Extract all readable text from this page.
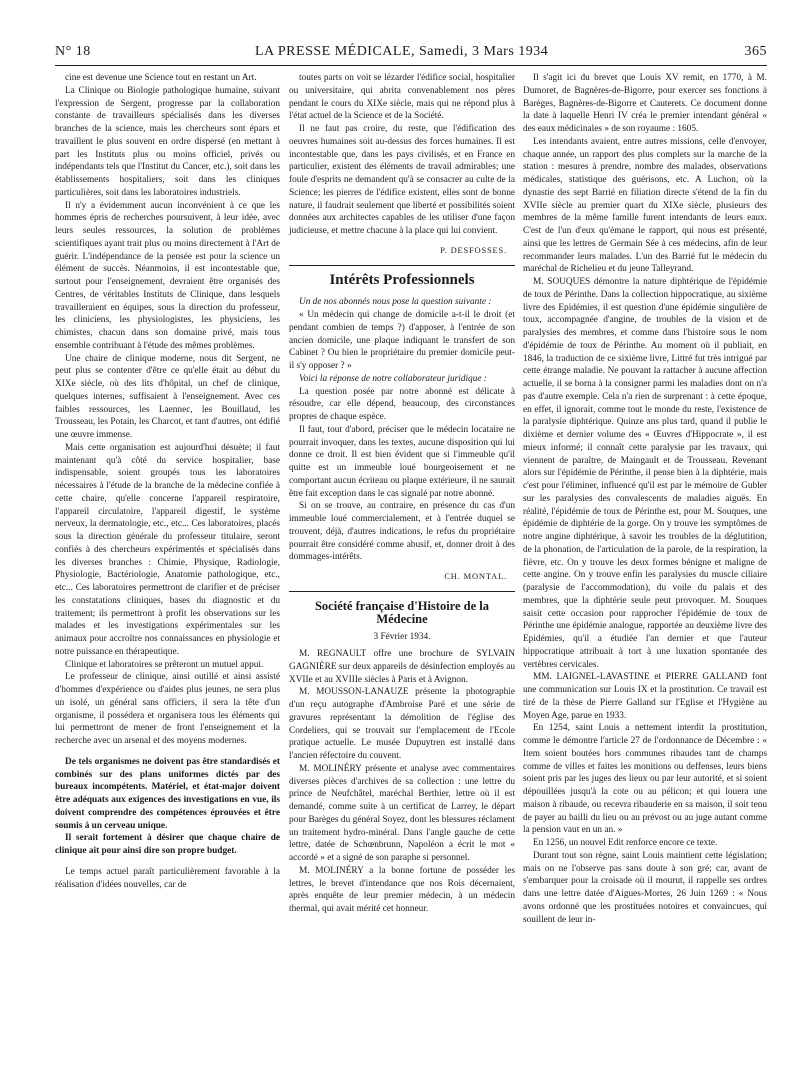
N° 18	LA PRESSE MÉDICALE, Samedi, 3 Mars 1934	365

cine est devenue une Science tout en restant un Art.

La Clinique ou Biologie pathologique humaine, suivant l'expression de Sergent, progresse par la collaboration constante de travailleurs spécialisés dans les diverses branches de la science, mais les chercheurs sont épars et travaillent le plus souvent en ordre dispersé (en mettant à part les Instituts plus ou moins officiel, privés ou indépendants tels que l'Institut du Cancer, etc.), soit dans les établissements hospitaliers, soit dans les cliniques particulières, soit dans les laboratoires industriels.

Il n'y a évidemment aucun inconvénient à ce que les hommes épris de recherches poursuivent, à leur idée, avec leurs seules ressources, la solution de problèmes scientifiques ayant trait plus ou moins directement à l'Art de guérir. L'indépendance de la pensée est pour la science un élément de succès. Néanmoins, il est incontestable que, surtout pour l'enseignement, devraient être organisés des Centres, de véritables Instituts de Clinique, dans lesquels travailleraient en équipes, sous la direction du professeur, les cliniciens, les physiologistes, les physiciens, les chimistes, chacun dans son domaine privé, mais tous ensemble contribuant à l'étude des mêmes problèmes.

Une chaire de clinique moderne, nous dit Sergent, ne peut plus se contenter d'être ce qu'elle était au début du XIXe siècle, où des lits d'hôpital, un chef de clinique, quelques internes, suffisaient à l'enseignement. Avec ces faibles ressources, les Laennec, les Bouillaud, les Trousseau, les Potain, les Charcot, et tant d'autres, ont édifié une œuvre immense.

Mais cette organisation est aujourd'hui désuète; il faut maintenant qu'à côté du service hospitalier, base indispensable, soient groupés tous les laboratoires nécessaires à l'étude de la branche de la médecine confiée à cette chaire, qu'elle concerne l'appareil respiratoire, l'appareil circulatoire, l'appareil digestif, le système nerveux, la dermatologie, etc., etc... Ces laboratoires, placés sous la direction générale du professeur titulaire, seront confiés à des chercheurs expérimentés et spécialisés dans les diverses branches : Chimie, Physique, Radiologie, Physiologie, Bactériologie, Anatomie pathologique, etc., etc... Ces laboratoires permettront de clarifier et de préciser les constatations cliniques, bases du diagnostic et du traitement; ils permettront à profit les observations sur les malades et les investigations expérimentales sur les animaux pour accroître nos connaissances en physiologie et notre puissance en thérapeutique.

Clinique et laboratoires se prêteront un mutuel appui.

Le professeur de clinique, ainsi outillé et ainsi assisté d'hommes d'expérience ou d'aides plus jeunes, ne sera plus un isolé, un général sans officiers, il sera la tête d'un organisme, il possédera et organisera tous les éléments qui lui permettront de mener de front l'enseignement et la recherche avec un arsenal et des moyens modernes.

De tels organismes ne doivent pas être standardisés et combinés sur des plans uniformes dictés par des bureaux incompétents. Matériel, et état-major doivent être adéquats aux exigences des investigations en vue, ils doivent comprendre des compétences éprouvées et être soumis à un cerveau unique.

Il serait fortement à désirer que chaque chaire de clinique ait pour ainsi dire son propre budget.

Le temps actuel paraît particulièrement favorable à la réalisation d'idées nouvelles, car de

toutes parts on voit se lézarder l'édifice social, hospitalier ou universitaire, qui abrita convenablement nos pères pendant le cours du XIXe siècle, mais qui ne répond plus à l'état actuel de la Science et de la Société.

Il ne faut pas croire, du reste, que l'édification des oeuvres humaines soit au-dessus des forces humaines. Il est incontestable que, dans les pays civilisés, et en France en particulier, existent des éléments de travail admirables; une foule d'esprits ne demandent qu'à se consacrer au culte de la Science; les pierres de l'édifice existent, elles sont de bonne nature, il faudrait seulement que liberté et possibilités soient données aux architectes capables de les utiliser d'une façon judicieuse, et mettre chacune à la place qui lui convient.

P. DESFOSSES.
Intérêts Professionnels

Un de nos abonnés nous pose la question suivante :

« Un médecin qui change de domicile a-t-il le droit (et pendant combien de temps ?) d'apposer, à l'entrée de son ancien domicile, une plaque indiquant le transfert de son Cabinet ? Ou bien le propriétaire du premier domicile peut-il s'y opposer ? »

Voici la réponse de notre collaborateur juridique :

La question posée par notre abonné est délicate à résoudre, car elle dépend, beaucoup, des circonstances propres de chaque espèce.

Il faut, tout d'abord, préciser que le médecin locataire ne pourrait invoquer, dans les textes, aucune disposition qui lui donne ce droit. Il est bien évident que si l'immeuble qu'il quitte est un immeuble loué bourgeoisement et ne comportant aucun écriteau ou plaque extérieure, il ne saurait être fait exception dans le cas signalé par notre abonné.

Si on se trouve, au contraire, en présence du cas d'un immeuble loué commercialement, et à l'entrée duquel se trouvent, déjà, d'autres indications, le refus du propriétaire pourrait être considéré comme abusif, et, donner droit à des dommages-intérêts.

CH. MONTAL.
Société française d'Histoire de la Médecine
3 Février 1934.

M. REGNAULT offre une brochure de SYLVAIN GAGNIÈRE sur deux appareils de désinfection employés au XVIIe et au XVIIIe siècles à Paris et à Avignon.

M. MOUSSON-LANAUZE présente la photographie d'un reçu autographe d'Ambroise Paré et une série de gravures représentant la démolition de l'église des Cordeliers, qui se trouvait sur l'emplacement de l'Ecole pratique actuelle. Le musée Dupuytren est installé dans l'ancien réfectoire du couvent.

M. MOLINÉRY présente et analyse avec commentaires diverses pièces d'archives de sa collection : une lettre du prince de Neufchâtel, maréchal Berthier, lettre où il est demandé, comme suite à un certificat de Larrey, le départ pour Barèges du général Soyez, dont les blessures réclament un traitement hydro-minéral. Dans l'angle gauche de cette lettre, datée de Schœnbrunn, Napoléon a écrit le mot « accordé » et a signé de son paraphe si personnel.

M. MOLINÉRY a la bonne fortune de posséder les lettres, le brevet d'intendance que nos Rois décernaient, après enquête de leur premier médecin, à un médecin thermal, qui avait mérité cet honneur.

Il s'agit ici du brevet que Louis XV remit, en 1770, à M. Dumoret, de Bagnères-de-Bigorre, pour exercer ses fonctions à Barèges, Bagnères-de-Bigorre et Cauterets. Ce document donne la date à laquelle Henri IV créa le premier intendant général « des eaux médicinales » de son royaume : 1605.

Les intendants avaient, entre autres missions, celle d'envoyer, chaque année, un rapport des plus complets sur la marche de la station : mesures à prendre, nombre des malades, observations médicales, statistique des guérisons, etc. A Luchon, où la dynastie des sept Barrié en filiation directe s'étend de la fin du XVIIe siècle au premier quart du XIXe siècle, plusieurs des membres de la même famille furent intendants de leurs eaux. C'est de l'un d'eux qu'émane le rapport, qui nous est présenté, ainsi que les lettres de Germain Sée à ces médecins, afin de leur recommander leurs malades. L'un des Barrié fut le médecin du maréchal de Richelieu et du jeune Talleyrand.

M. SOUQUES démontre la nature diphtérique de l'épidémie de toux de Périnthe. Dans la collection hippocratique, au sixième livre des Epidémies, il est question d'une épidémie singulière de toux, accompagnée d'angine, de troubles de la vision et de paralysies des membres, et comme dans l'histoire sous le nom d'épidémie de toux de Périnthe. Au moment où il publiait, en 1846, la traduction de ce sixième livre, Littré fut très intrigué par cette étrange maladie. Ne pouvant la rattacher à aucune affection actuelle, il se borna à la consigner parmi les maladies dont on n'a pas d'autre exemple. Cela n'a rien de surprenant : à cette époque, en effet, il ignorait, comme tout le monde du reste, l'existence de la paralysie diphtérique. Quinze ans plus tard, quand il publie le dixième et dernier volume des « Œuvres d'Hippocrate », il est mieux informé; il connaît cette paralysie par les travaux, qui viennent de paraître, de Maingault et de Trousseau. Revenant alors sur l'épidémie de Périnthe, il pense bien à la diphtérie, mais c'est pour l'éliminer, influencé qu'il est par le mémoire de Gubler sur les paralysies des convalescents de maladies aiguës. En réalité, l'épidémie de toux de Périnthe est, pour M. Souques, une épidémie de diphtérie de la gorge. On y trouve les symptômes de notre angine diphtérique, à savoir les troubles de la déglutition, de la phonation, de l'articulation de la parole, de la respiration, la fièvre, etc. On y trouve les deux formes bénigne et maligne de cette angine. On y trouve enfin les paralysies du muscle ciliaire (paralysie de l'accommodation), du voile du palais et des membres, que la diphtérie seule peut provoquer. M. Souques saisit cette occasion pour rapprocher l'épidémie de toux de Périnthe une épidémie analogue, rapportée au deuxième livre des Epidémies, qu'il a étudiée l'an dernier et que l'auteur hippocratique attribuait à tort à une luxation spontanée des vertèbres cervicales.

MM. LAIGNEL-LAVASTINE et PIERRE GALLAND font une communication sur Louis IX et la prostitution. Ce travail est tiré de la thèse de Pierre Galland sur l'Eglise et l'Hygiène au Moyen Age, parue en 1933.

En 1254, saint Louis a nettement interdit la prostitution, comme le démontre l'article 27 de l'ordonnance de Décembre : « Item soient boutées hors communes ribaudes tant de champs comme de villes et faites les monitions ou deffenses, leurs biens soient pris par les juges des lieux ou par leur autorité, et si soient dépouillées jusqu'à la cote ou au pélicon; et qui louera une maison à ribaude, ou recevra ribauderie en sa maison, il soit tenu de payer au bailli du lieu ou au prévost ou au juge autant comme la pension vaut en un an. »

En 1256, un nouvel Edit renforce encore ce texte.

Durant tout son règne, saint Louis maintient cette législation; mais on ne l'observe pas sans doute à son gré; car, avant de s'embarquer pour la croisade où il mourut, il rappelle ses ordres dans une lettre datée d'Aigues-Mortes, 26 Juin 1269 : « Nous avons ordonné que les prostituées notoires et convaincues, qui souillent de leur in-
